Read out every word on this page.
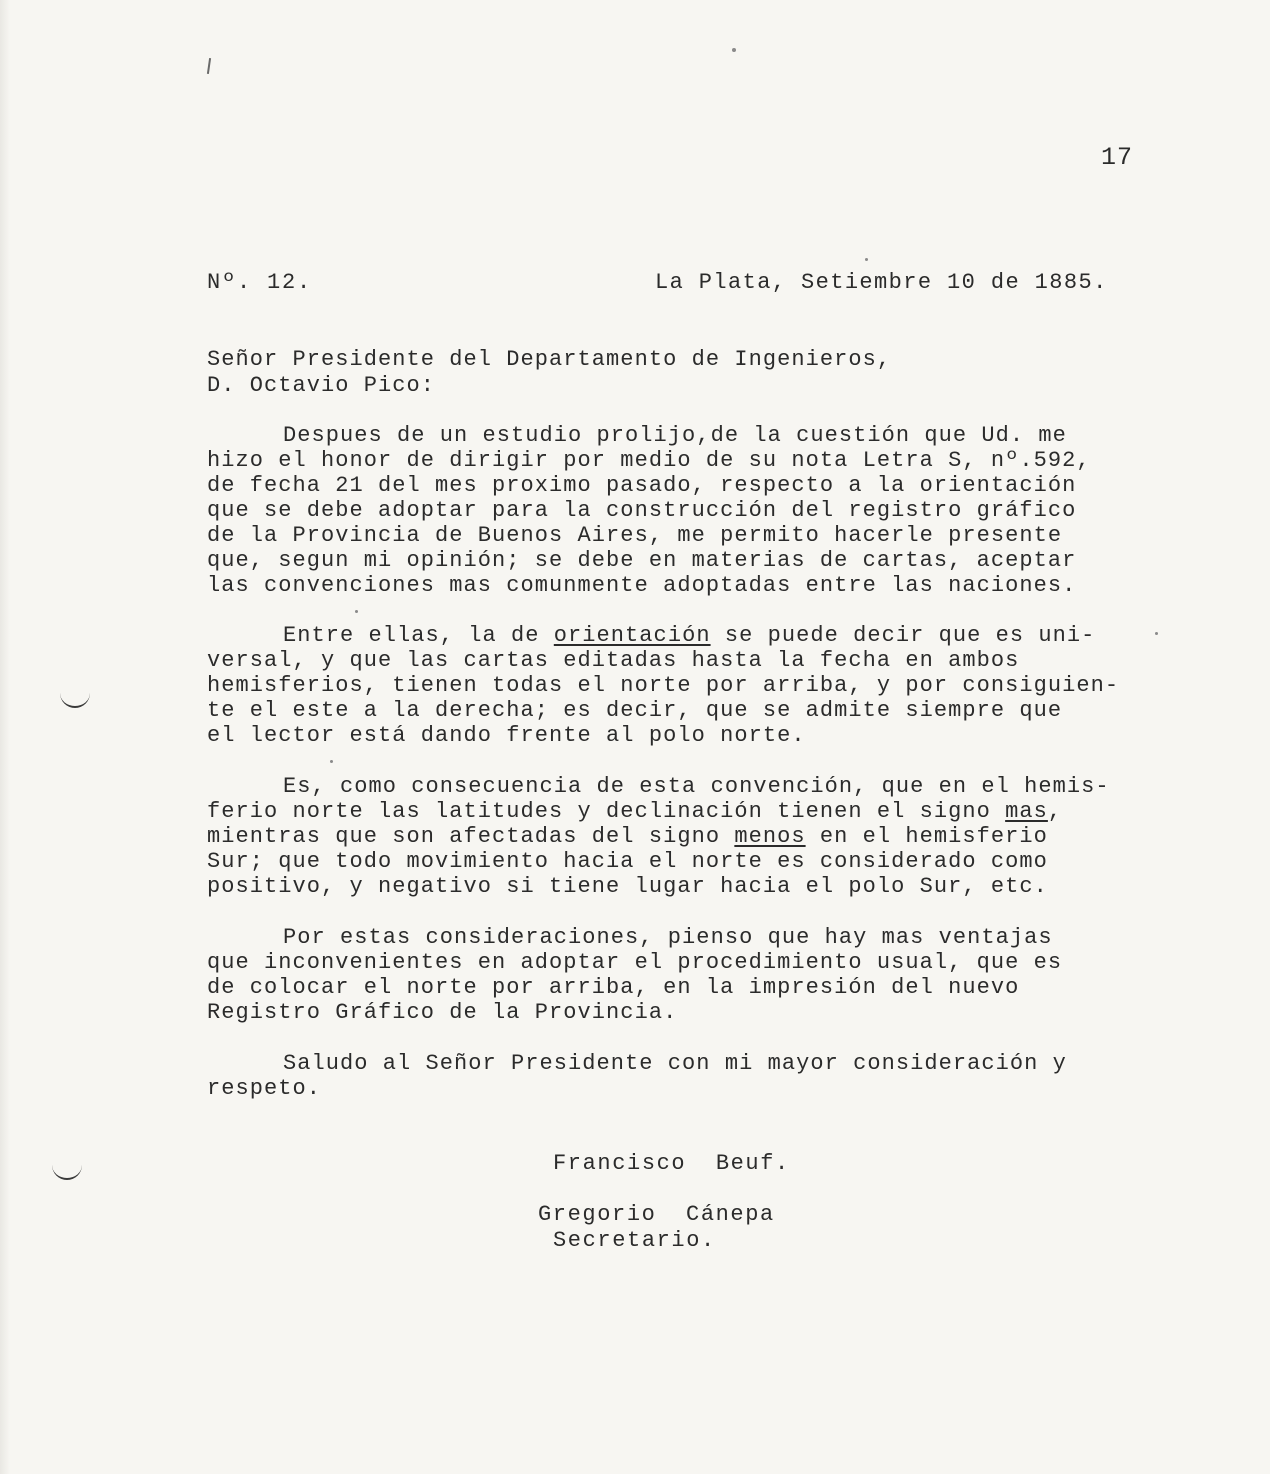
17
Nº. 12.	La Plata, Setiembre 10 de 1885.
Señor Presidente del Departamento de Ingenieros,
D. Octavio Pico:
Despues de un estudio prolijo,de la cuestión que Ud. me
hizo el honor de dirigir por medio de su nota Letra S, nº.592,
de fecha 21 del mes proximo pasado, respecto a la orientación
que se debe adoptar para la construcción del registro gráfico
de la Provincia de Buenos Aires, me permito hacerle presente
que, segun mi opinión; se debe en materias de cartas, aceptar
las convenciones mas comunmente adoptadas entre las naciones.
Entre ellas, la de orientación se puede decir que es uni-
versal, y que las cartas editadas hasta la fecha en ambos
hemisferios, tienen todas el norte por arriba, y por consiguien-
te el este a la derecha; es decir, que se admite siempre que
el lector está dando frente al polo norte.
Es, como consecuencia de esta convención, que en el hemis-
ferio norte las latitudes y declinación tienen el signo mas,
mientras que son afectadas del signo menos en el hemisferio
Sur; que todo movimiento hacia el norte es considerado como
positivo, y negativo si tiene lugar hacia el polo Sur, etc.
Por estas consideraciones, pienso que hay mas ventajas
que inconvenientes en adoptar el procedimiento usual, que es
de colocar el norte por arriba, en la impresión del nuevo
Registro Gráfico de la Provincia.
Saludo al Señor Presidente con mi mayor consideración y
respeto.
Francisco  Beuf.
Gregorio  Cánepa
Secretario.
